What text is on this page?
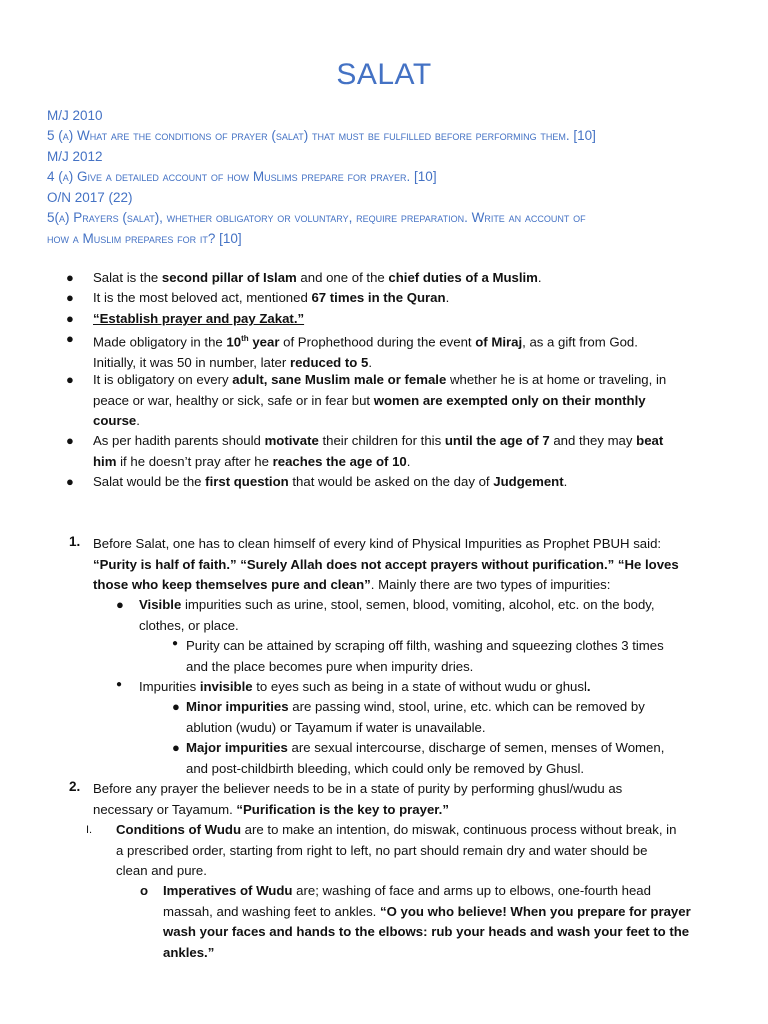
SALAT
M/J 2010
5 (a) What are the conditions of prayer (salat) that must be fulfilled before performing them. [10]
M/J 2012
4 (a) Give a detailed account of how Muslims prepare for prayer. [10]
O/N 2017 (22)
5(a) Prayers (salat), whether obligatory or voluntary, require preparation. Write an account of
how a Muslim prepares for it? [10]
● Salat is the second pillar of Islam and one of the chief duties of a Muslim.
● It is the most beloved act, mentioned 67 times in the Quran.
● “Establish prayer and pay Zakat.”
● Made obligatory in the 10th year of Prophethood during the event of Miraj, as a gift from God.
Initially, it was 50 in number, later reduced to 5.
● It is obligatory on every adult, sane Muslim male or female whether he is at home or traveling, in
peace or war, healthy or sick, safe or in fear but women are exempted only on their monthly
course.
● As per hadith parents should motivate their children for this until the age of 7 and they may beat
him if he doesn’t pray after he reaches the age of 10.
● Salat would be the first question that would be asked on the day of Judgement.
1. Before Salat, one has to clean himself of every kind of Physical Impurities as Prophet PBUH said:
“Purity is half of faith.” “Surely Allah does not accept prayers without purification.” “He loves
those who keep themselves pure and clean”. Mainly there are two types of impurities:
● Visible impurities such as urine, stool, semen, blood, vomiting, alcohol, etc. on the body,
clothes, or place.
● Purity can be attained by scraping off filth, washing and squeezing clothes 3 times
and the place becomes pure when impurity dries.
● Impurities invisible to eyes such as being in a state of without wudu or ghusl.
● Minor impurities are passing wind, stool, urine, etc. which can be removed by
ablution (wudu) or Tayamum if water is unavailable.
● Major impurities are sexual intercourse, discharge of semen, menses of Women,
and post-childbirth bleeding, which could only be removed by Ghusl.
2. Before any prayer the believer needs to be in a state of purity by performing ghusl/wudu as
necessary or Tayamum. “Purification is the key to prayer.”
I. Conditions of Wudu are to make an intention, do miswak, continuous process without break, in
a prescribed order, starting from right to left, no part should remain dry and water should be
clean and pure.
o Imperatives of Wudu are; washing of face and arms up to elbows, one-fourth head
massah, and washing feet to ankles. “O you who believe! When you prepare for prayer
wash your faces and hands to the elbows: rub your heads and wash your feet to the
ankles.”
